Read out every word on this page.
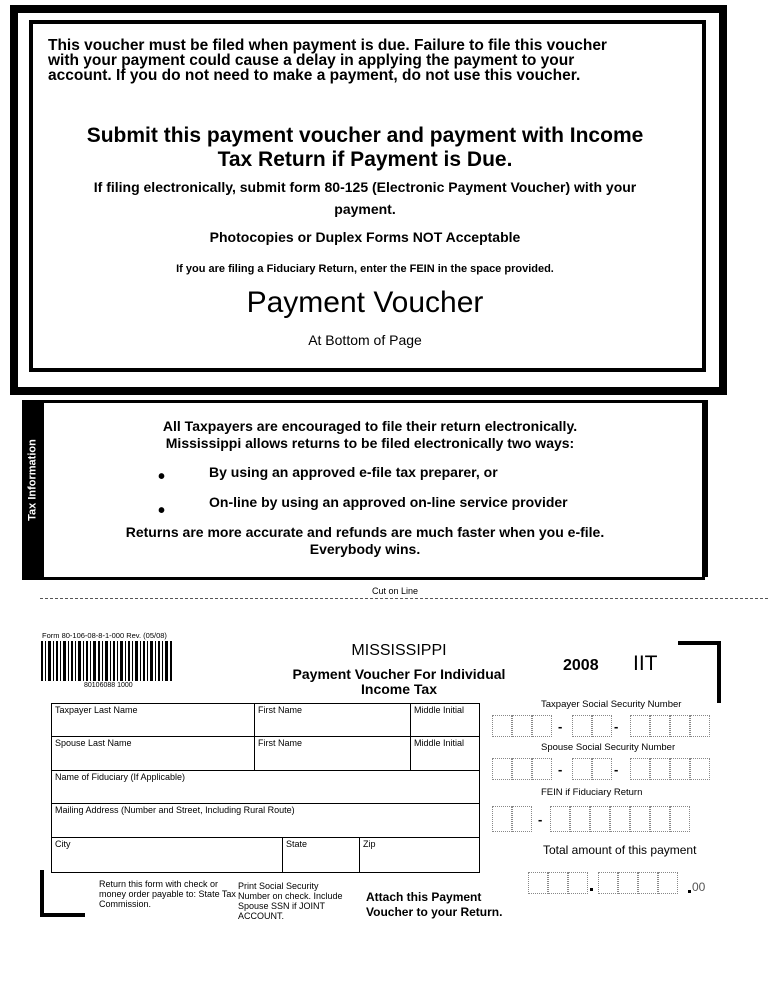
This voucher must be filed when payment is due. Failure to file this voucher
with your payment could cause a delay in applying the payment to your
account. If you do not need to make a payment, do not use this voucher.
Submit this payment voucher and payment with Income
Tax Return if Payment is Due.
If filing electronically, submit form 80-125 (Electronic Payment Voucher) with your
payment.
Photocopies or Duplex Forms NOT Acceptable
If you are filing a Fiduciary Return, enter the FEIN in the space provided.
Payment Voucher
At Bottom of Page
Tax Information
All Taxpayers are encouraged to file their return electronically.
Mississippi allows returns to be filed electronically two ways:
•	By using an approved e-file tax preparer, or
•	On-line by using an approved on-line service provider
Returns are more accurate and refunds are much faster when you e-file.
Everybody wins.
Cut on Line
Form 80-106-08-8-1-000 Rev. (05/08)
80106088 1000
MISSISSIPPI
Payment Voucher For Individual
Income Tax
2008 IIT
Taxpayer Last Name	First Name	Middle Initial
Spouse Last Name	First Name	Middle Initial
Name of Fiduciary (If Applicable)
Mailing Address (Number and Street, Including Rural Route)
City	State	Zip
Taxpayer Social Security Number
-	-
Spouse Social Security Number
-	-
FEIN if Fiduciary Return
-
Total amount of this payment
00
Return this form with check or money order payable to: State Tax Commission.
Print Social Security Number on check. Include Spouse SSN if JOINT ACCOUNT.
Attach this Payment
Voucher to your Return.
